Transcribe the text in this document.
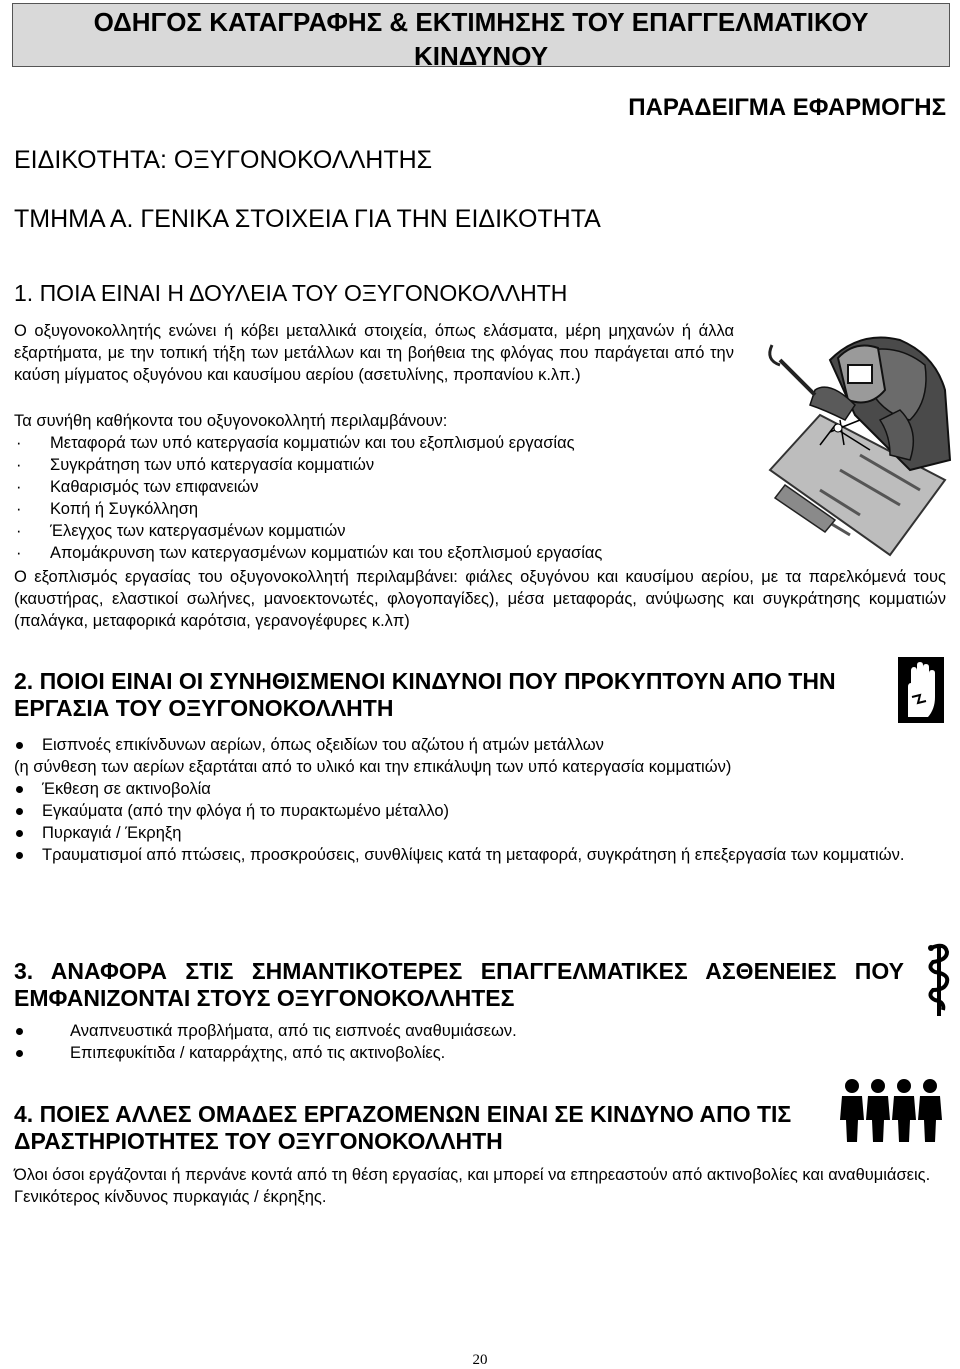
ΟΔΗΓΟΣ ΚΑΤΑΓΡΑΦΗΣ & ΕΚΤΙΜΗΣΗΣ ΤΟΥ ΕΠΑΓΓΕΛΜΑΤΙΚΟΥ
ΚΙΝΔΥΝΟΥ
ΠΑΡΑΔΕΙΓΜΑ ΕΦΑΡΜΟΓΗΣ
ΕΙΔΙΚΟΤΗΤΑ: ΟΞΥΓΟΝΟΚΟΛΛΗΤΗΣ
ΤΜΗΜΑ Α. ΓΕΝΙΚΑ ΣΤΟΙΧΕΙΑ ΓΙΑ ΤΗΝ ΕΙΔΙΚΟΤΗΤΑ
1. ΠΟΙΑ ΕΙΝΑΙ Η ΔΟΥΛΕΙΑ ΤΟΥ ΟΞΥΓΟΝΟΚΟΛΛΗΤΗ
Ο οξυγονοκολλητής ενώνει ή κόβει μεταλλικά στοιχεία, όπως ελάσματα, μέρη μηχανών ή άλλα εξαρτήματα, με την τοπική τήξη των μετάλλων και τη βοήθεια της φλόγας που παράγεται από την καύση μίγματος οξυγόνου και καυσίμου αερίου (ασετυλίνης, προπανίου κ.λπ.)
Τα συνήθη καθήκοντα του οξυγονοκολλητή περιλαμβάνουν:
· Μεταφορά των υπό κατεργασία κομματιών και του εξοπλισμού εργασίας
· Συγκράτηση των υπό κατεργασία κομματιών
· Καθαρισμός των επιφανειών
· Κοπή ή Συγκόλληση
· Έλεγχος των κατεργασμένων κομματιών
· Απομάκρυνση των κατεργασμένων κομματιών και του εξοπλισμού εργασίας
Ο εξοπλισμός εργασίας του οξυγονοκολλητή περιλαμβάνει: φιάλες οξυγόνου και καυσίμου αερίου, με τα παρελκόμενά τους (καυστήρας, ελαστικοί σωλήνες, μανοεκτονωτές, φλογοπαγίδες), μέσα μεταφοράς, ανύψωσης και συγκράτησης κομματιών (παλάγκα, μεταφορικά καρότσια, γερανογέφυρες κ.λπ)
2. ΠΟΙΟΙ ΕΙΝΑΙ ΟΙ ΣΥΝΗΘΙΣΜΕΝΟΙ ΚΙΝΔΥΝΟΙ ΠΟΥ ΠΡΟΚΥΠΤΟΥΝ ΑΠΟ ΤΗΝ ΕΡΓΑΣΙΑ ΤΟΥ ΟΞΥΓΟΝΟΚΟΛΛΗΤΗ
Εισπνοές επικίνδυνων αερίων, όπως οξειδίων του αζώτου ή ατμών μετάλλων
(η σύνθεση των αερίων εξαρτάται από το υλικό και την επικάλυψη των υπό κατεργασία κομματιών)
Έκθεση σε ακτινοβολία
Εγκαύματα (από την φλόγα ή το πυρακτωμένο μέταλλο)
Πυρκαγιά / Έκρηξη
Τραυματισμοί από πτώσεις, προσκρούσεις, συνθλίψεις κατά τη μεταφορά, συγκράτηση ή επεξεργασία των κομματιών.
3. ΑΝΑΦΟΡΑ ΣΤΙΣ ΣΗΜΑΝΤΙΚΟΤΕΡΕΣ ΕΠΑΓΓΕΛΜΑΤΙΚΕΣ ΑΣΘΕΝΕΙΕΣ ΠΟΥ
ΕΜΦΑΝΙΖΟΝΤΑΙ ΣΤΟΥΣ ΟΞΥΓΟΝΟΚΟΛΛΗΤΕΣ
Αναπνευστικά προβλήματα, από τις εισπνοές αναθυμιάσεων.
Επιπεφυκίτιδα / καταρράχτης, από τις ακτινοβολίες.
4. ΠΟΙΕΣ ΑΛΛΕΣ ΟΜΑΔΕΣ ΕΡΓΑΖΟΜΕΝΩΝ ΕΙΝΑΙ ΣΕ ΚΙΝΔΥΝΟ ΑΠΟ ΤΙΣ ΔΡΑΣΤΗΡΙΟΤΗΤΕΣ ΤΟΥ ΟΞΥΓΟΝΟΚΟΛΛΗΤΗ
Όλοι όσοι εργάζονται ή περνάνε κοντά από τη θέση εργασίας, και μπορεί να επηρεαστούν από ακτινοβολίες και αναθυμιάσεις.
Γενικότερος κίνδυνος πυρκαγιάς / έκρηξης.
20
